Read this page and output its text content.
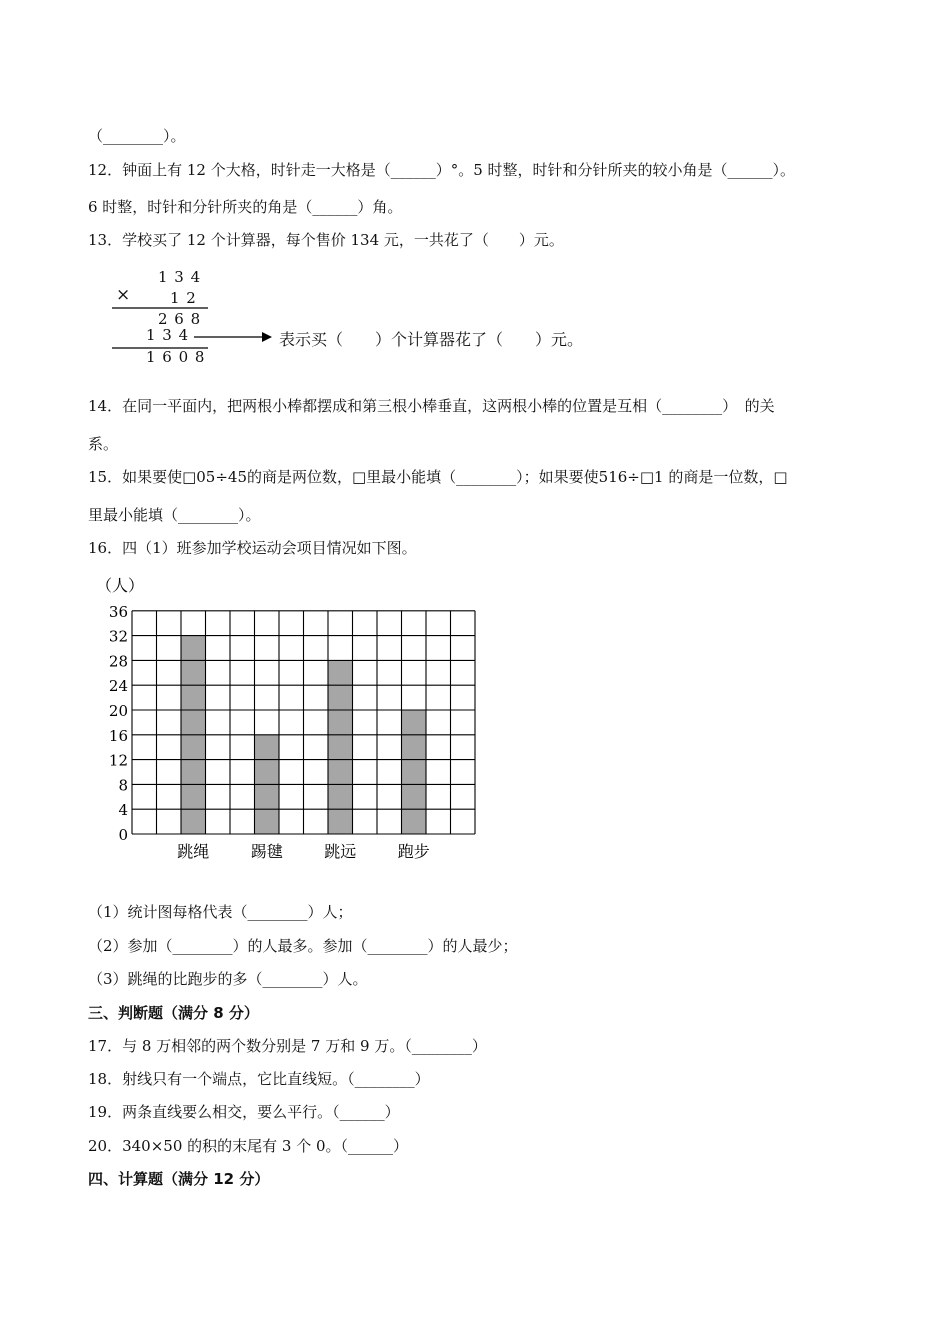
（________）。
12．钟面上有 12 个大格，时针走一大格是（______）°。5 时整，时针和分针所夹的较小角是（______）。
6 时整，时针和分针所夹的角是（______）角。
13．学校买了 12 个计算器，每个售价 134 元，一共花了（　　）元。
1 3 4
×	1 2
2 6 8
1 3 4
1 6 0 8
表示买（　　）个计算器花了（　　）元。
14．在同一平面内，把两根小棒都摆成和第三根小棒垂直，这两根小棒的位置是互相（________）　的关
系。
15．如果要使□05÷45的商是两位数，□里最小能填（________）；如果要使516÷□1 的商是一位数，□
里最小能填（________）。
16．四（1）班参加学校运动会项目情况如下图。
（人）
0
4
8
12
16
20
24
28
32
36
跳绳	踢毽	跳远	跑步
（1）统计图每格代表（________）人；
（2）参加（________）的人最多。参加（________）的人最少；
（3）跳绳的比跑步的多（________）人。
三、判断题（满分 8 分）
17．与 8 万相邻的两个数分别是 7 万和 9 万。（________）
18．射线只有一个端点，它比直线短。（________）
19．两条直线要么相交，要么平行。（______）
20．340×50 的积的末尾有 3 个 0。（______）
四、计算题（满分 12 分）
